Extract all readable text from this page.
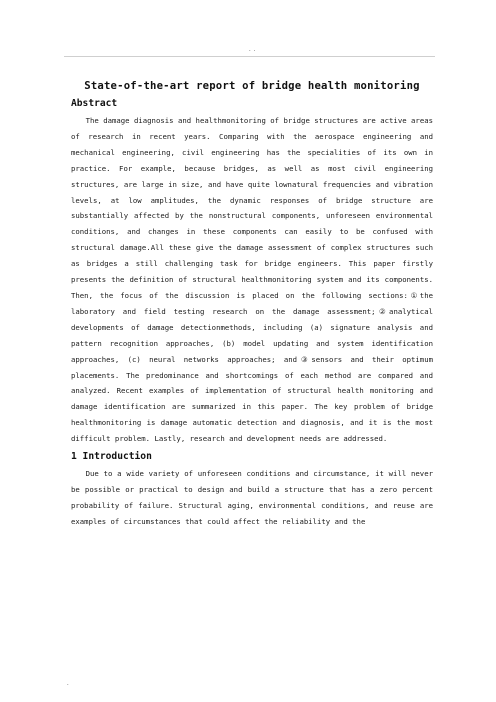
..
State-of-the-art report of bridge health monitoring
Abstract

The damage diagnosis and healthmonitoring of bridge structures are active areas of research in recent years. Comparing with the aerospace engineering and mechanical engineering, civil engineering has the specialities of its own in practice. For example, because bridges, as well as most civil engineering structures, are large in size, and have quite lownatural frequencies and vibration levels, at low amplitudes, the dynamic responses of bridge structure are substantially affected by the nonstructural components, unforeseen environmental conditions, and changes in these components can easily to be confused with structural damage.All these give the damage assessment of complex structures such as bridges a still challenging task for bridge engineers. This paper firstly presents the definition of structural healthmonitoring system and its components. Then, the focus of the discussion is placed on the following sections:①the laboratory and field testing research on the damage assessment;②analytical developments of damage detectionmethods, including (a) signature analysis and pattern recognition approaches, (b) model updating and system identification approaches, (c) neural networks approaches; and③sensors and their optimum placements. The predominance and shortcomings of each method are compared and analyzed. Recent examples of implementation of structural health monitoring and damage identification are summarized in this paper. The key problem of bridge healthmonitoring is damage automatic detection and diagnosis, and it is the most difficult problem. Lastly, research and development needs are addressed.

1 Introduction

Due to a wide variety of unforeseen conditions and circumstance, it will never be possible or practical to design and build a structure that has a zero percent probability of failure. Structural aging, environmental conditions, and reuse are examples of circumstances that could affect the reliability and the

.
